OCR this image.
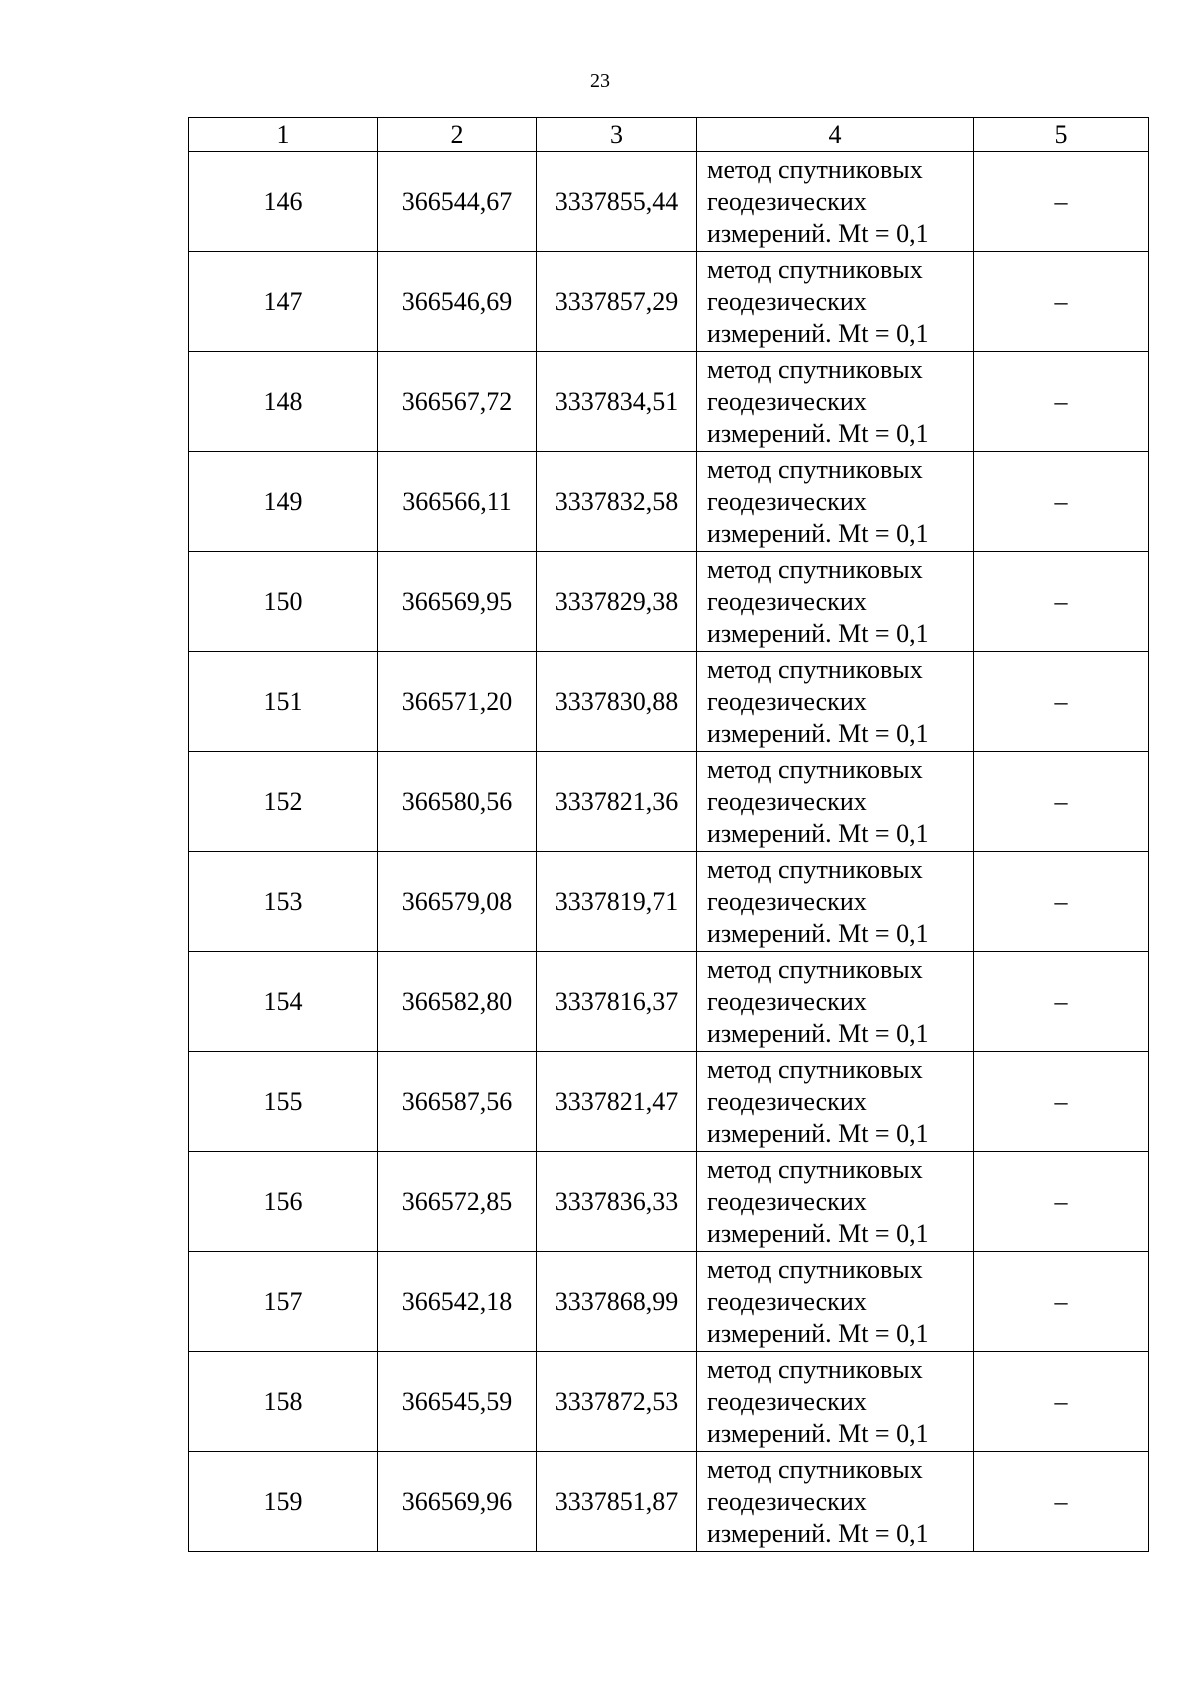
23
1	2	3	4	5
146	366544,67	3337855,44	метод спутниковых
геодезических
измерений. Mt = 0,1	–
147	366546,69	3337857,29	метод спутниковых
геодезических
измерений. Mt = 0,1	–
148	366567,72	3337834,51	метод спутниковых
геодезических
измерений. Mt = 0,1	–
149	366566,11	3337832,58	метод спутниковых
геодезических
измерений. Mt = 0,1	–
150	366569,95	3337829,38	метод спутниковых
геодезических
измерений. Mt = 0,1	–
151	366571,20	3337830,88	метод спутниковых
геодезических
измерений. Mt = 0,1	–
152	366580,56	3337821,36	метод спутниковых
геодезических
измерений. Mt = 0,1	–
153	366579,08	3337819,71	метод спутниковых
геодезических
измерений. Mt = 0,1	–
154	366582,80	3337816,37	метод спутниковых
геодезических
измерений. Mt = 0,1	–
155	366587,56	3337821,47	метод спутниковых
геодезических
измерений. Mt = 0,1	–
156	366572,85	3337836,33	метод спутниковых
геодезических
измерений. Mt = 0,1	–
157	366542,18	3337868,99	метод спутниковых
геодезических
измерений. Mt = 0,1	–
158	366545,59	3337872,53	метод спутниковых
геодезических
измерений. Mt = 0,1	–
159	366569,96	3337851,87	метод спутниковых
геодезических
измерений. Mt = 0,1	–
